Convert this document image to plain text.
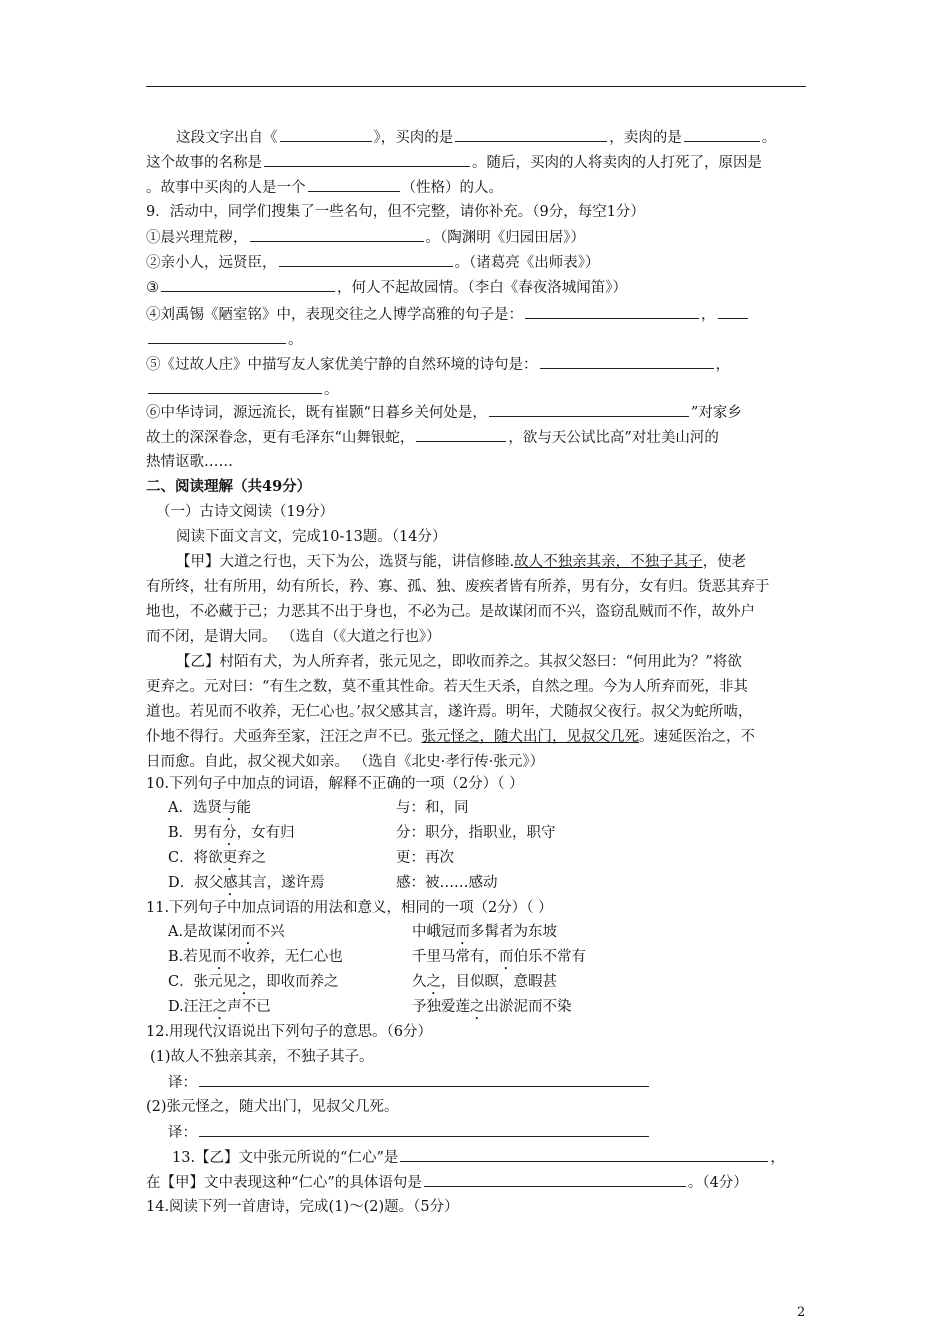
这段文字出自《	》，买肉的是	，卖肉的是	。
这个故事的名称是	。随后，买肉的人将卖肉的人打死了，原因是
。故事中买肉的人是一个	（性格）的人。
9．活动中，同学们搜集了一些名句，但不完整，请你补充。（9分，每空1分）
①晨兴理荒秽，	。（陶渊明《归园田居》）
②亲小人，远贤臣，	。（诸葛亮《出师表》）
③	，何人不起故园情。（李白《春夜洛城闻笛》）
④刘禹锡《陋室铭》中，表现交往之人博学高雅的句子是：	，
。
⑤《过故人庄》中描写友人家优美宁静的自然环境的诗句是：	，
。
⑥中华诗词，源远流长，既有崔颢“日暮乡关何处是，	”对家乡
故土的深深眷念，更有毛泽东“山舞银蛇，	，欲与天公试比高”对壮美山河的
热情讴歌……
二、阅读理解（共49分）
（一）古诗文阅读（19分）
阅读下面文言文，完成10-13题。（14分）
【甲】大道之行也，天下为公，选贤与能，讲信修睦.故人不独亲其亲，不独子其子，使老
有所终，壮有所用，幼有所长，矜、寡、孤、独、废疾者皆有所养，男有分，女有归。货恶其弃于
地也，不必藏于己；力恶其不出于身也，不必为己。是故谋闭而不兴，盗窃乱贼而不作，故外户
而不闭，是谓大同。 （选自（《大道之行也》）
【乙】村陌有犬，为人所弃者，张元见之，即收而养之。其叔父怒曰：“何用此为？”将欲
更弃之。元对曰：“有生之数，莫不重其性命。若天生天杀，自然之理。今为人所弃而死，非其
道也。若见而不收养，无仁心也。’叔父感其言，遂许焉。明年，犬随叔父夜行。叔父为蛇所啮，
仆地不得行。犬亟奔至家，汪汪之声不已。张元怪之，随犬出门，见叔父几死。速延医治之，不
日而愈。自此，叔父视犬如亲。 （选自《北史·孝行传·张元》）
10.下列句子中加点的词语，解释不正确的一项（2分）（ ）
A．选贤与能	与：和，同
B．男有分，女有归	分：职分，指职业，职守
C．将欲更弃之	更：再次
D．叔父感其言，遂许焉	感：被……感动
11.下列句子中加点词语的用法和意义，相同的一项（2分）（ ）
A.是故谋闭而不兴	中峨冠而多髯者为东坡
B.若见而不收养，无仁心也	千里马常有，而伯乐不常有
C．张元见之，即收而养之	久之，目似瞑，意暇甚
D.汪汪之声不已	予独爱莲之出淤泥而不染
12.用现代汉语说出下列句子的意思。（6分）
(1)故人不独亲其亲，不独子其子。
译：
(2)张元怪之，随犬出门，见叔父几死。
译：
13.【乙】文中张元所说的“仁心”是	，
在【甲】文中表现这种“仁心”的具体语句是	。（4分）
14.阅读下列一首唐诗，完成(1)～(2)题。（5分）
2
